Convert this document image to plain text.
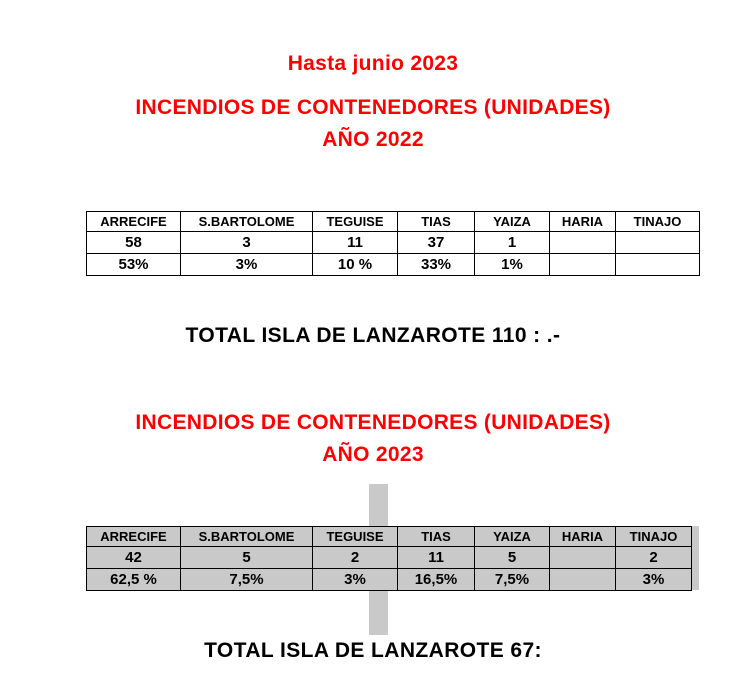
Hasta junio 2023
INCENDIOS DE CONTENEDORES (UNIDADES)
AÑO 2022
ARRECIFE	S.BARTOLOME	TEGUISE	TIAS	YAIZA	HARIA	TINAJO
58	3	11	37	1		
53%	3%	10 %	33%	1%		
TOTAL ISLA DE LANZAROTE 110 : .-
INCENDIOS DE CONTENEDORES (UNIDADES)
AÑO 2023
ARRECIFE	S.BARTOLOME	TEGUISE	TIAS	YAIZA	HARIA	TINAJO
42	5	2	11	5		2
62,5 %	7,5%	3%	16,5%	7,5%		3%
TOTAL ISLA DE LANZAROTE 67:
